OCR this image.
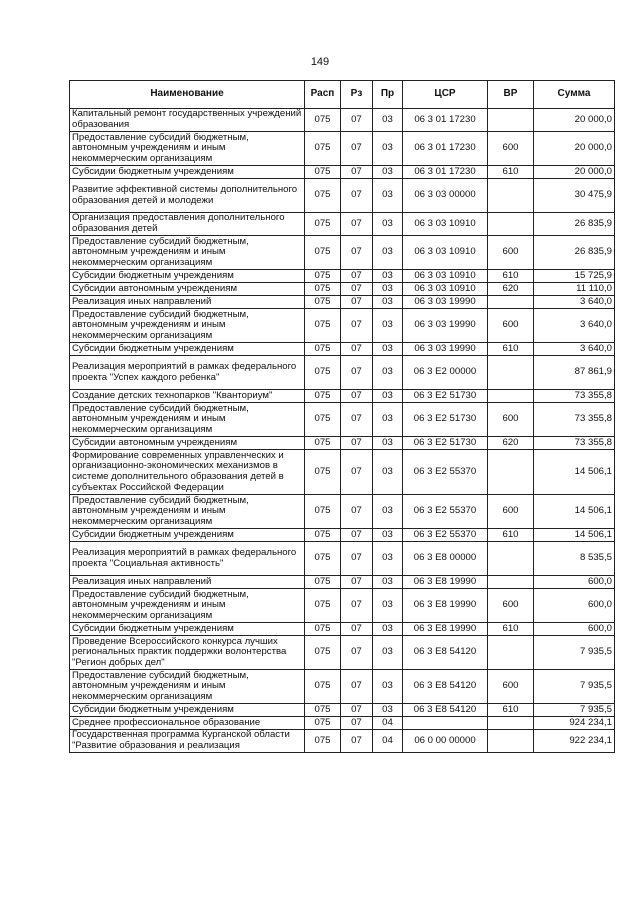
149
Наименование	Расп	Рз	Пр	ЦСР	ВР	Сумма
Капитальный ремонт государственных учреждений образования	075	07	03	06 3 01 17230		20 000,0
Предоставление субсидий бюджетным, автономным учреждениям и иным некоммерческим организациям	075	07	03	06 3 01 17230	600	20 000,0
Субсидии бюджетным учреждениям	075	07	03	06 3 01 17230	610	20 000,0
Развитие эффективной системы дополнительного образования детей и молодежи	075	07	03	06 3 03 00000		30 475,9
Организация предоставления дополнительного образования детей	075	07	03	06 3 03 10910		26 835,9
Предоставление субсидий бюджетным, автономным учреждениям и иным некоммерческим организациям	075	07	03	06 3 03 10910	600	26 835,9
Субсидии бюджетным учреждениям	075	07	03	06 3 03 10910	610	15 725,9
Субсидии автономным учреждениям	075	07	03	06 3 03 10910	620	11 110,0
Реализация иных направлений	075	07	03	06 3 03 19990		3 640,0
Предоставление субсидий бюджетным, автономным учреждениям и иным некоммерческим организациям	075	07	03	06 3 03 19990	600	3 640,0
Субсидии бюджетным учреждениям	075	07	03	06 3 03 19990	610	3 640,0
Реализация мероприятий в рамках федерального проекта "Успех каждого ребенка"	075	07	03	06 3 E2 00000		87 861,9
Создание детских технопарков "Кванториум"	075	07	03	06 3 E2 51730		73 355,8
Предоставление субсидий бюджетным, автономным учреждениям и иным некоммерческим организациям	075	07	03	06 3 E2 51730	600	73 355,8
Субсидии автономным учреждениям	075	07	03	06 3 E2 51730	620	73 355,8
Формирование современных управленческих и организационно-экономических механизмов в системе дополнительного образования детей в субъектах Российской Федерации	075	07	03	06 3 E2 55370		14 506,1
Предоставление субсидий бюджетным, автономным учреждениям и иным некоммерческим организациям	075	07	03	06 3 E2 55370	600	14 506,1
Субсидии бюджетным учреждениям	075	07	03	06 3 E2 55370	610	14 506,1
Реализация мероприятий в рамках федерального проекта "Социальная активность"	075	07	03	06 3 E8 00000		8 535,5
Реализация иных направлений	075	07	03	06 3 E8 19990		600,0
Предоставление субсидий бюджетным, автономным учреждениям и иным некоммерческим организациям	075	07	03	06 3 E8 19990	600	600,0
Субсидии бюджетным учреждениям	075	07	03	06 3 E8 19990	610	600,0
Проведение Всероссийского конкурса лучших региональных практик поддержки волонтерства "Регион добрых дел"	075	07	03	06 3 E8 54120		7 935,5
Предоставление субсидий бюджетным, автономным учреждениям и иным некоммерческим организациям	075	07	03	06 3 E8 54120	600	7 935,5
Субсидии бюджетным учреждениям	075	07	03	06 3 E8 54120	610	7 935,5
Среднее профессиональное образование	075	07	04			924 234,1
Государственная программа Курганской области "Развитие образования и реализация	075	07	04	06 0 00 00000		922 234,1
